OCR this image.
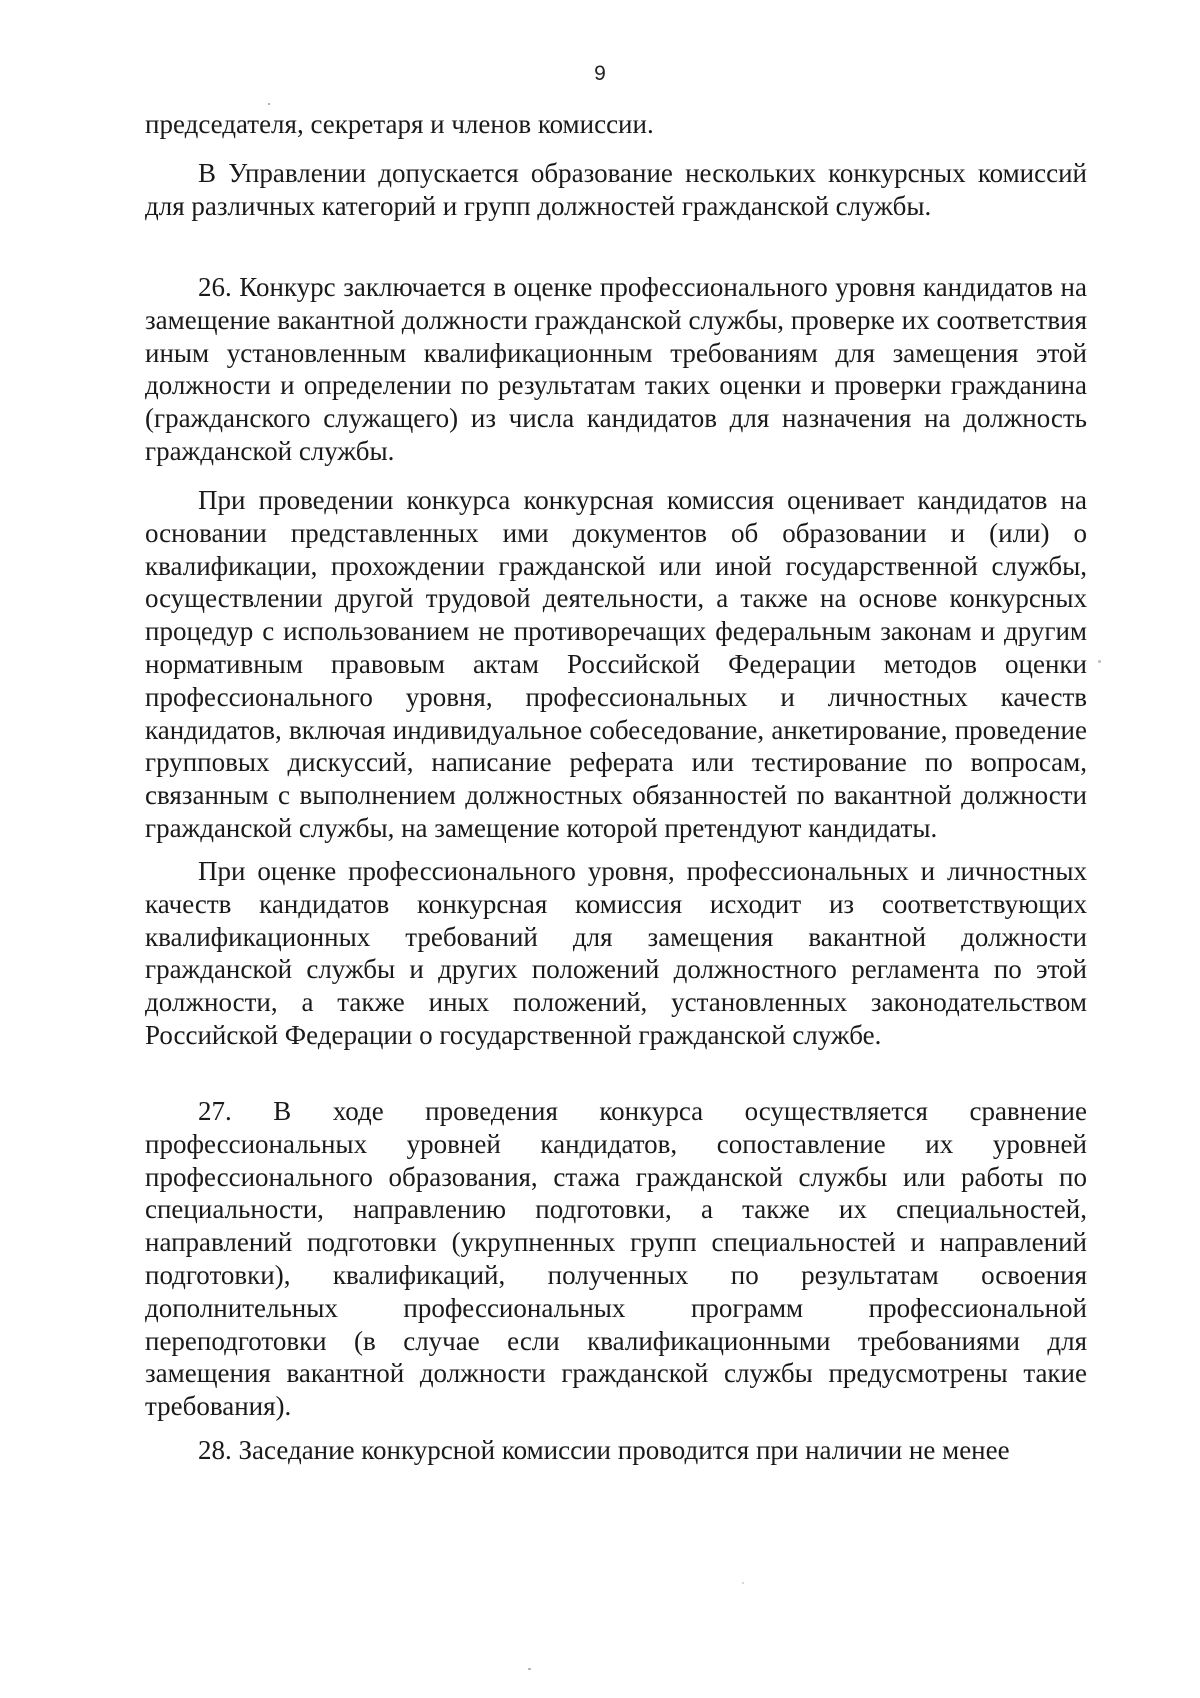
9
председателя, секретаря и членов комиссии.
В Управлении допускается образование нескольких конкурсных комиссий для различных категорий и групп должностей гражданской службы.
26. Конкурс заключается в оценке профессионального уровня кандидатов на замещение вакантной должности гражданской службы, проверке их соответствия иным установленным квалификационным требованиям для замещения этой должности и определении по результатам таких оценки и проверки гражданина (гражданского служащего) из числа кандидатов для назначения на должность гражданской службы.
При проведении конкурса конкурсная комиссия оценивает кандидатов на основании представленных ими документов об образовании и (или) о квалификации, прохождении гражданской или иной государственной службы, осуществлении другой трудовой деятельности, а также на основе конкурсных процедур с использованием не противоречащих федеральным законам и другим нормативным правовым актам Российской Федерации методов оценки профессионального уровня, профессиональных и личностных качеств кандидатов, включая индивидуальное собеседование, анкетирование, проведение групповых дискуссий, написание реферата или тестирование по вопросам, связанным с выполнением должностных обязанностей по вакантной должности гражданской службы, на замещение которой претендуют кандидаты.
При оценке профессионального уровня, профессиональных и личностных качеств кандидатов конкурсная комиссия исходит из соответствующих квалификационных требований для замещения вакантной должности гражданской службы и других положений должностного регламента по этой должности, а также иных положений, установленных законодательством Российской Федерации о государственной гражданской службе.
27. В ходе проведения конкурса осуществляется сравнение профессиональных уровней кандидатов, сопоставление их уровней профессионального образования, стажа гражданской службы или работы по специальности, направлению подготовки, а также их специальностей, направлений подготовки (укрупненных групп специальностей и направлений подготовки), квалификаций, полученных по результатам освоения дополнительных профессиональных программ профессиональной переподготовки (в случае если квалификационными требованиями для замещения вакантной должности гражданской службы предусмотрены такие требования).
28. Заседание конкурсной комиссии проводится при наличии не менее
